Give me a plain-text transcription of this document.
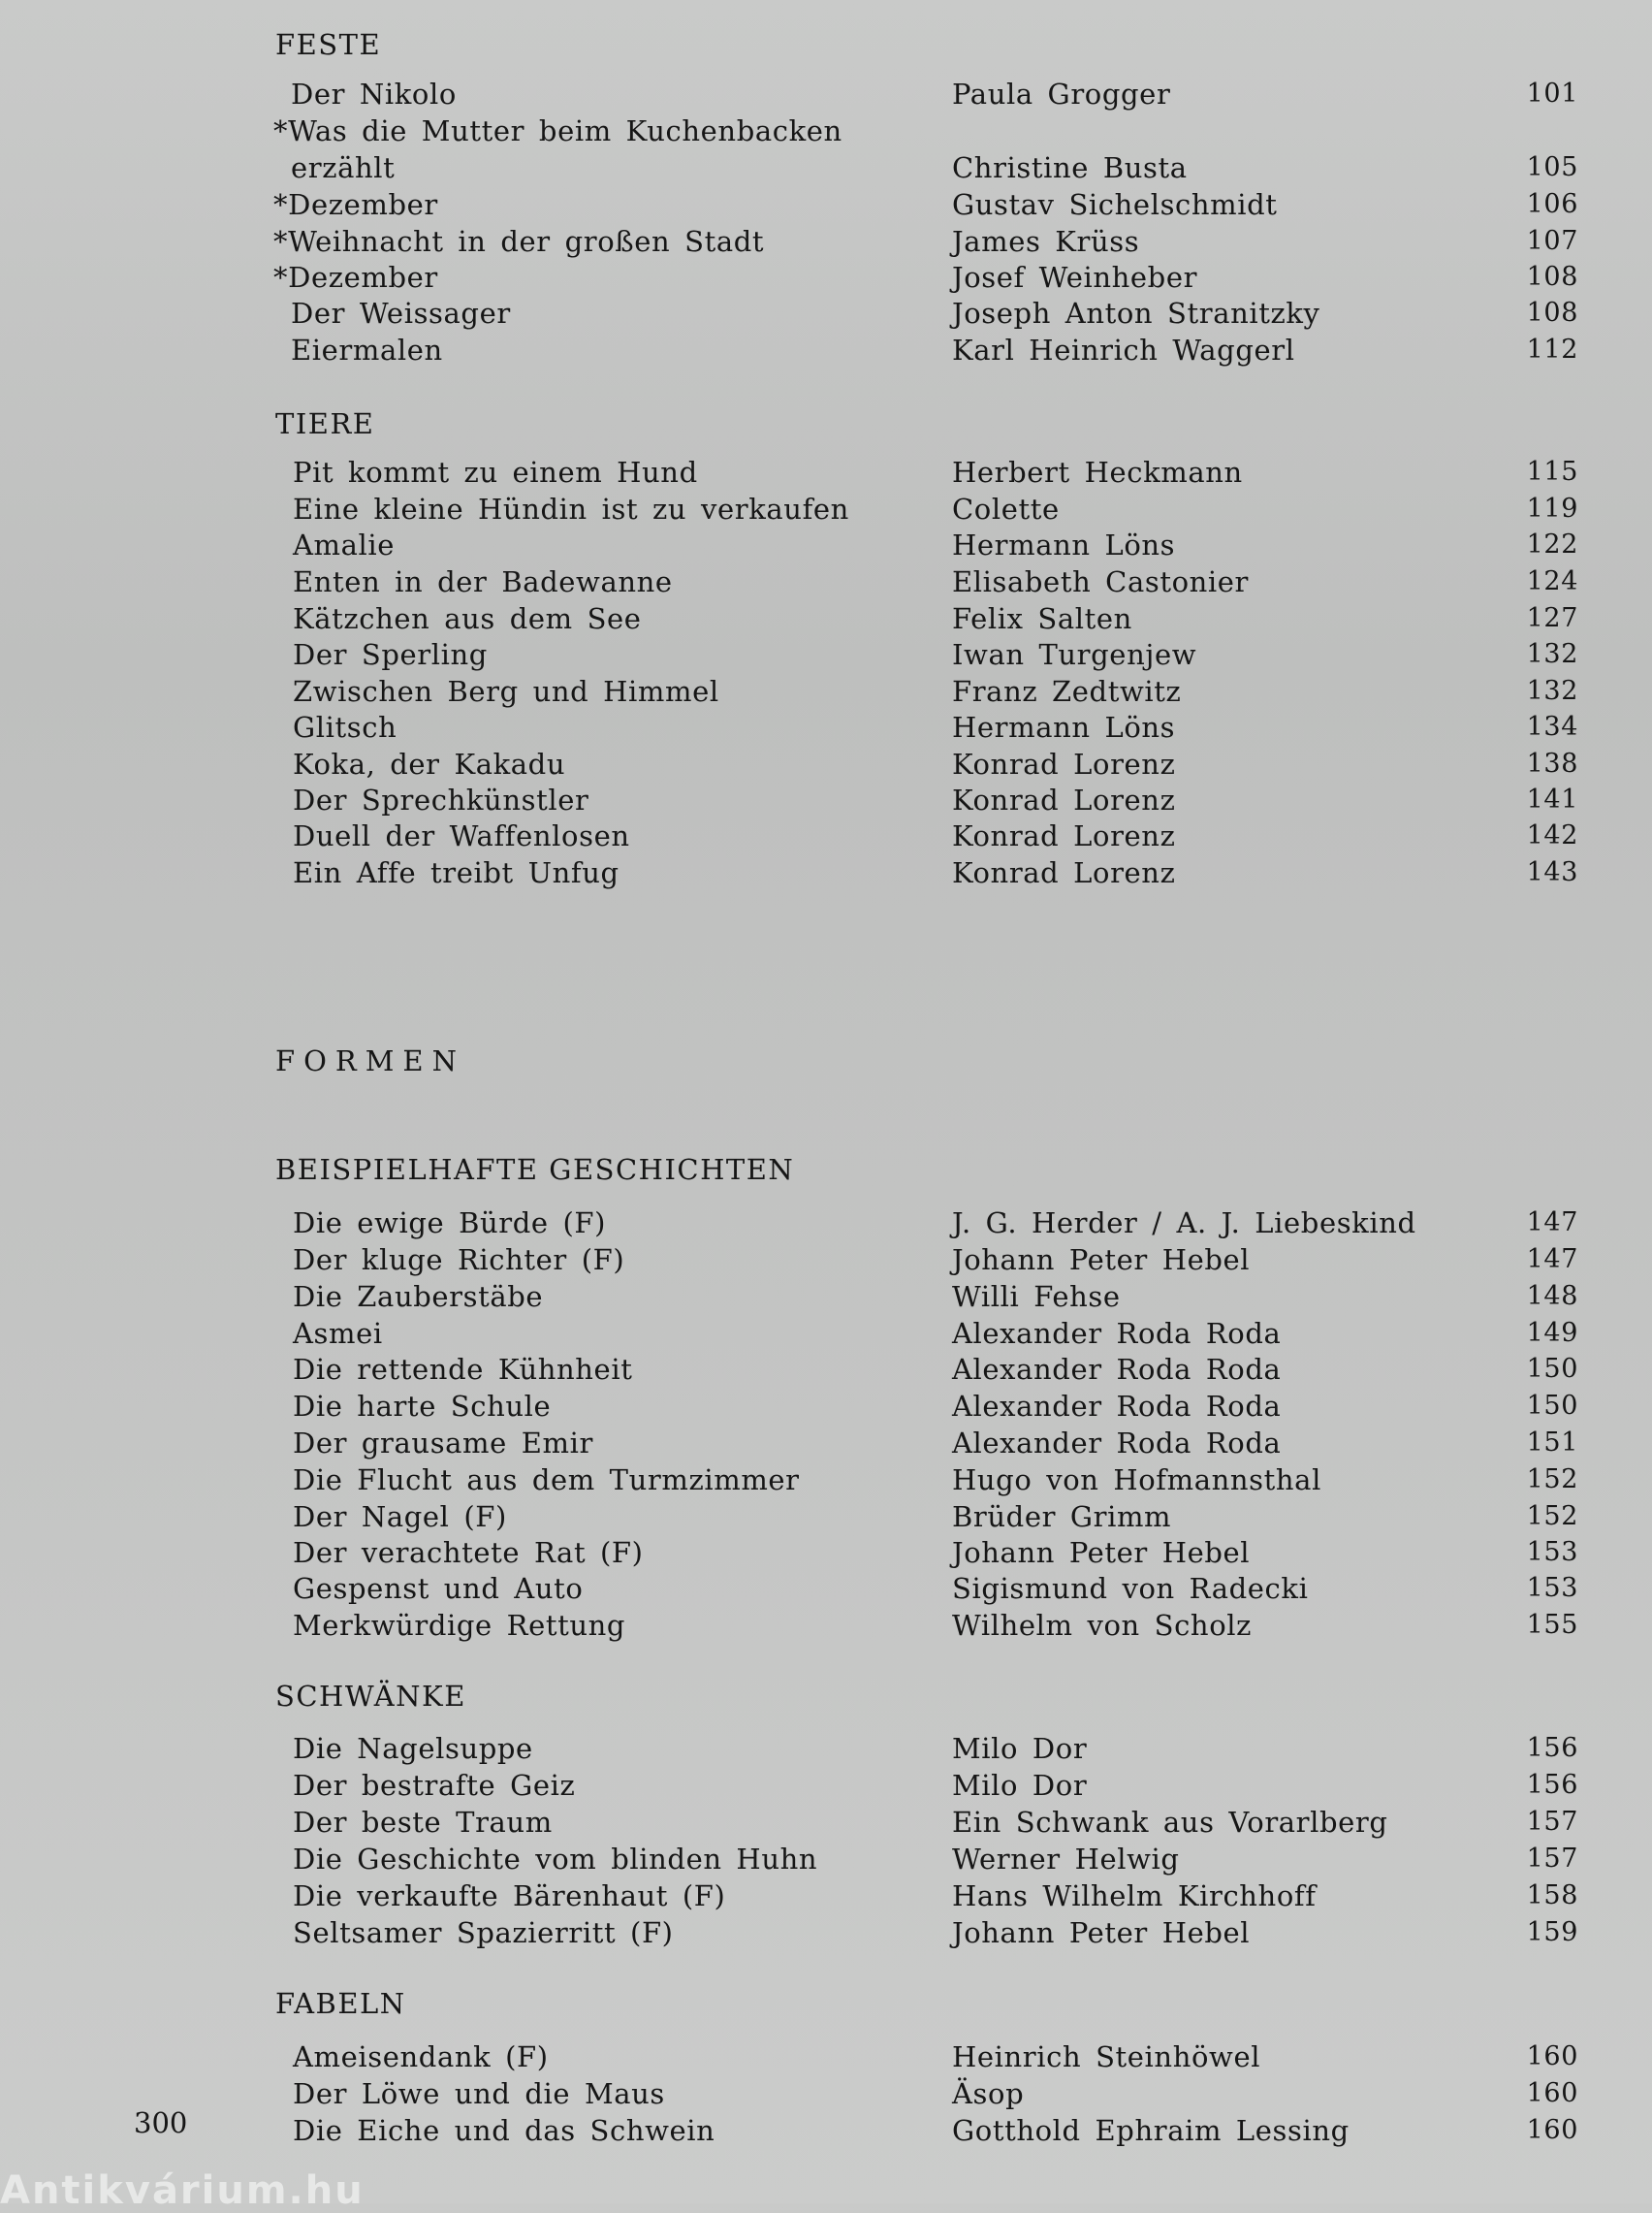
FESTE
Der Nikolo	Paula Grogger	101
*Was die Mutter beim Kuchenbacken
erzählt	Christine Busta	105
*Dezember	Gustav Sichelschmidt	106
*Weihnacht in der großen Stadt	James Krüss	107
*Dezember	Josef Weinheber	108
Der Weissager	Joseph Anton Stranitzky	108
Eiermalen	Karl Heinrich Waggerl	112
TIERE
Pit kommt zu einem Hund	Herbert Heckmann	115
Eine kleine Hündin ist zu verkaufen	Colette	119
Amalie	Hermann Löns	122
Enten in der Badewanne	Elisabeth Castonier	124
Kätzchen aus dem See	Felix Salten	127
Der Sperling	Iwan Turgenjew	132
Zwischen Berg und Himmel	Franz Zedtwitz	132
Glitsch	Hermann Löns	134
Koka, der Kakadu	Konrad Lorenz	138
Der Sprechkünstler	Konrad Lorenz	141
Duell der Waffenlosen	Konrad Lorenz	142
Ein Affe treibt Unfug	Konrad Lorenz	143
FORMEN
BEISPIELHAFTE GESCHICHTEN
Die ewige Bürde (F)	J. G. Herder / A. J. Liebeskind	147
Der kluge Richter (F)	Johann Peter Hebel	147
Die Zauberstäbe	Willi Fehse	148
Asmei	Alexander Roda Roda	149
Die rettende Kühnheit	Alexander Roda Roda	150
Die harte Schule	Alexander Roda Roda	150
Der grausame Emir	Alexander Roda Roda	151
Die Flucht aus dem Turmzimmer	Hugo von Hofmannsthal	152
Der Nagel (F)	Brüder Grimm	152
Der verachtete Rat (F)	Johann Peter Hebel	153
Gespenst und Auto	Sigismund von Radecki	153
Merkwürdige Rettung	Wilhelm von Scholz	155
SCHWÄNKE
Die Nagelsuppe	Milo Dor	156
Der bestrafte Geiz	Milo Dor	156
Der beste Traum	Ein Schwank aus Vorarlberg	157
Die Geschichte vom blinden Huhn	Werner Helwig	157
Die verkaufte Bärenhaut (F)	Hans Wilhelm Kirchhoff	158
Seltsamer Spazierritt (F)	Johann Peter Hebel	159
FABELN
Ameisendank (F)	Heinrich Steinhöwel	160
Der Löwe und die Maus	Äsop	160
Die Eiche und das Schwein	Gotthold Ephraim Lessing	160
300
Antikvárium.hu
